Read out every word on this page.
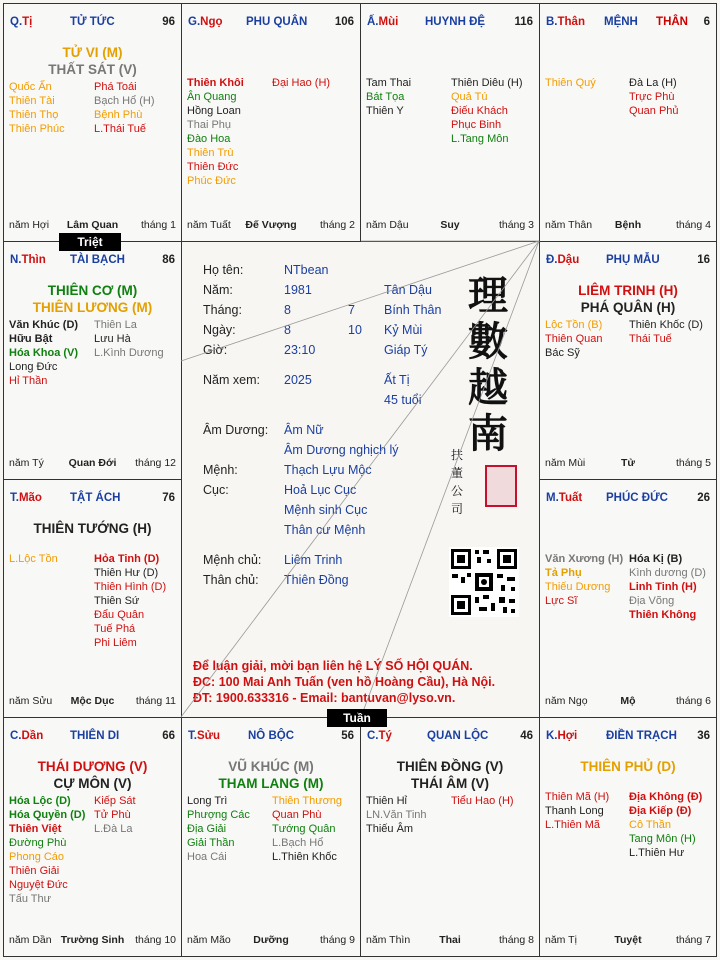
Q.Tị	TỬ TỨC	96
TỬ VI (M)
THẤT SÁT (V)
Quốc Ấn
Thiên Tài
Thiên Thọ
Thiên Phúc
Phá Toái
Bạch Hổ (H)
Bệnh Phù
L.Thái Tuế
năm Hợi	Lâm Quan	tháng 1
G.Ngọ PHU QUÂN 106
Thiên Khôi
Ân Quang
Hồng Loan
Thai Phụ
Đào Hoa
Thiên Trù
Thiên Đức
Phúc Đức
Đại Hao (H)
năm Tuất	Đế Vượng	tháng 2
Ấ.Mùi HUYNH ĐỆ	116
Tam Thai
Bát Tọa
Thiên Y
Thiên Diêu (H)
Quả Tú
Điếu Khách
Phục Binh
L.Tang Môn
năm Dậu	Suy	tháng 3
B.Thân MỆNH THÂN 6
Thiên Quý	Đà La (H)
Trực Phù
Quan Phủ
năm Thân	Bệnh	tháng 4
N.Thìn TÀI BẠCH	86
THIÊN CƠ (M)
THIÊN LƯƠNG (M)
Văn Khúc (D)
Hữu Bật
Hóa Khoa (V)
Long Đức
Hỉ Thần
Thiên La
Lưu Hà
L.Kình Dương
năm Tý	Quan Đới	tháng 12
Đ.Dậu PHỤ MẪU	16
LIÊM TRINH (H)
PHÁ QUÂN (H)
Lộc Tồn (B)
Thiên Quan
Bác Sỹ
Thiên Khốc (D)
Thái Tuế
năm Mùi	Tử	tháng 5
T.Mão TẬT ÁCH	76
THIÊN TƯỚNG (H)
L.Lộc Tồn	Hỏa Tinh (D)
Thiên Hư (D)
Thiên Hình (D)
Thiên Sứ
Đẩu Quân
Tuế Phá
Phi Liêm
năm Sửu	Mộc Dục	tháng 11
M.Tuất PHÚC ĐỨC	26
Văn Xương (H)
Tả Phụ
Thiếu Dương
Lực Sĩ
Hóa Kị (B)
Kình dương (D)
Linh Tinh (H)
Địa Võng
Thiên Không
năm Ngọ	Mộ	tháng 6
C.Dần THIÊN DI	66
THÁI DƯƠNG (V)
CỰ MÔN (V)
Hóa Lộc (D)
Hóa Quyền (D)
Thiên Việt
Đường Phù
Phong Cáo
Thiên Giải
Nguyệt Đức
Tấu Thư
Kiếp Sát
Tử Phù
L.Đà La
năm Dần Trường Sinh	tháng 10
T.Sửu NÔ BỘC	56
VŨ KHÚC (M)
THAM LANG (M)
Long Trì
Phượng Các
Địa Giải
Giải Thần
Hoa Cái
Thiên Thương
Quan Phù
Tướng Quân
L.Bạch Hổ
L.Thiên Khốc
năm Mão	Dưỡng	tháng 9
C.Tý	QUAN LỘC	46
THIÊN ĐỒNG (V)
THÁI ÂM (V)
Thiên Hỉ
LN.Văn Tinh
Thiếu Âm
Tiểu Hao (H)
năm Thìn	Thai	tháng 8
K.Hợi	ĐIỀN TRẠCH 36
THIÊN PHỦ (D)
Thiên Mã (H)
Thanh Long
L.Thiên Mã
Địa Không (Đ)
Địa Kiếp (Đ)
Cô Thần
Tang Môn (H)
L.Thiên Hư
năm Tị	Tuyệt	tháng 7
Họ tên:	NTbean
Năm:	1981	Tân Dậu
Tháng:	8	7 Bính Thân
Ngày:	8	10 Kỷ Mùi
Giờ:	23:10	Giáp Tý
Năm xem: 2025	Ất Tị
45 tuổi
Âm Dương: Âm Nữ
Âm Dương nghịch lý
Mệnh:	Thạch Lựu Mộc
Cục:	Hoả Lục Cục
Mệnh sinh Cục
Thân cư Mệnh
Mệnh chủ: Liêm Trinh
Thân chủ: Thiên Đồng
理
數
越
南
扶
董
公
司
Để luận giải, mời bạn liên hệ LÝ SỐ HỘI QUÁN.
ĐC: 100 Mai Anh Tuấn (ven hồ Hoàng Cầu), Hà Nội.
ĐT: 1900.633316 - Email: bantuvan@lyso.vn.
Triệt
Tuần
